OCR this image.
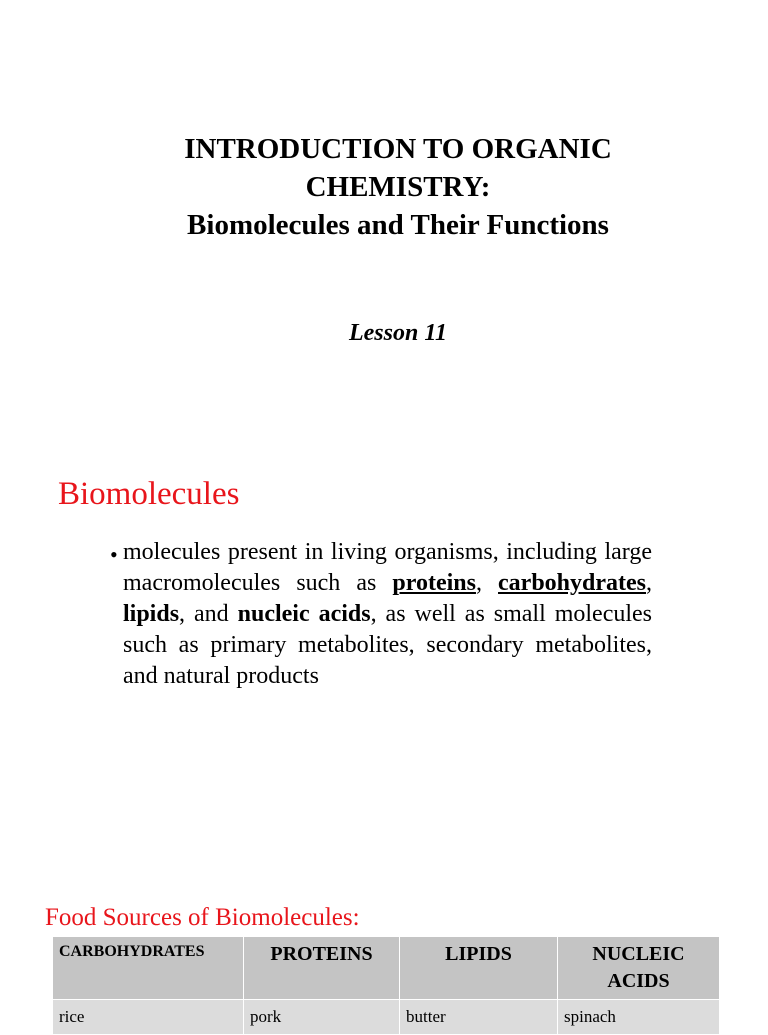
INTRODUCTION TO ORGANIC
CHEMISTRY:
Biomolecules and Their Functions
Lesson 11
Biomolecules
• molecules present in living organisms, including large macromolecules such as proteins, carbohydrates, lipids, and nucleic acids, as well as small molecules such as primary metabolites, secondary metabolites, and natural products
Food Sources of Biomolecules:
CARBOHYDRATES	PROTEINS	LIPIDS	NUCLEIC ACIDS
rice	pork	butter	spinach
